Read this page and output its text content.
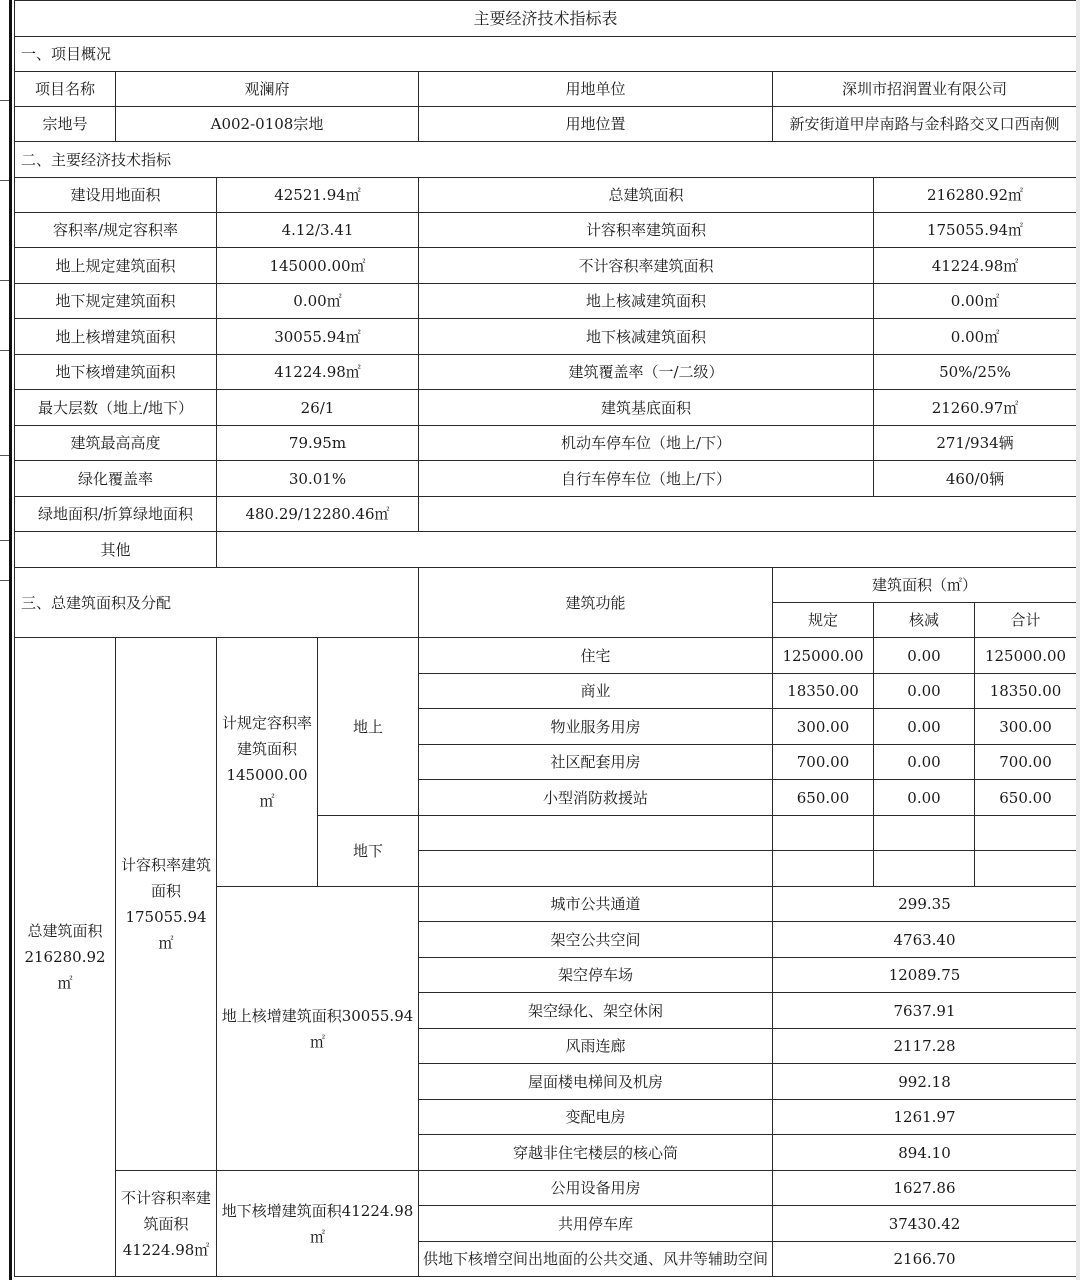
主要经济技术指标表							
一、项目概况							
项目名称	观澜府			用地单位	深圳市招润置业有限公司		
宗地号	A002-0108宗地			用地位置	新安街道甲岸南路与金科路交叉口西南侧		
二、主要经济技术指标							
建设用地面积		42521.94㎡		总建筑面积		216280.92㎡	
容积率/规定容积率		4.12/3.41		计容积率建筑面积		175055.94㎡	
地上规定建筑面积		145000.00㎡		不计容积率建筑面积		41224.98㎡	
地下规定建筑面积		0.00㎡		地上核减建筑面积		0.00㎡	
地上核增建筑面积		30055.94㎡		地下核减建筑面积		0.00㎡	
地下核增建筑面积		41224.98㎡		建筑覆盖率（一/二级）		50%/25%	
最大层数（地上/地下）		26/1		建筑基底面积		21260.97㎡	
建筑最高高度		79.95m		机动车停车位（地上/下）		271/934辆	
绿化覆盖率		30.01%		自行车停车位（地上/下）		460/0辆	
绿地面积/折算绿地面积		480.29/12280.46㎡					
其他							
三、总建筑面积及分配				建筑功能	建筑面积（㎡）		
					规定	核减	合计
总建筑面积216280.92㎡	计容积率建筑面积175055.94㎡	计规定容积率建筑面积145000.00 ㎡	地上	住宅	125000.00	0.00	125000.00
				商业	18350.00	0.00	18350.00
				物业服务用房	300.00	0.00	300.00
				社区配套用房	700.00	0.00	700.00
				小型消防救援站	650.00	0.00	650.00
			地下				

		地上核增建筑面积30055.94㎡		城市公共通道	299.35		
				架空公共空间	4763.40		
				架空停车场	12089.75		
				架空绿化、架空休闲	7637.91		
				风雨连廊	2117.28		
				屋面楼电梯间及机房	992.18		
				变配电房	1261.97		
				穿越非住宅楼层的核心筒	894.10		
	不计容积率建筑面积41224.98㎡	地下核增建筑面积41224.98㎡		公用设备用房	1627.86		
				共用停车库	37430.42		
				供地下核增空间出地面的公共交通、风井等辅助空间	2166.70		
